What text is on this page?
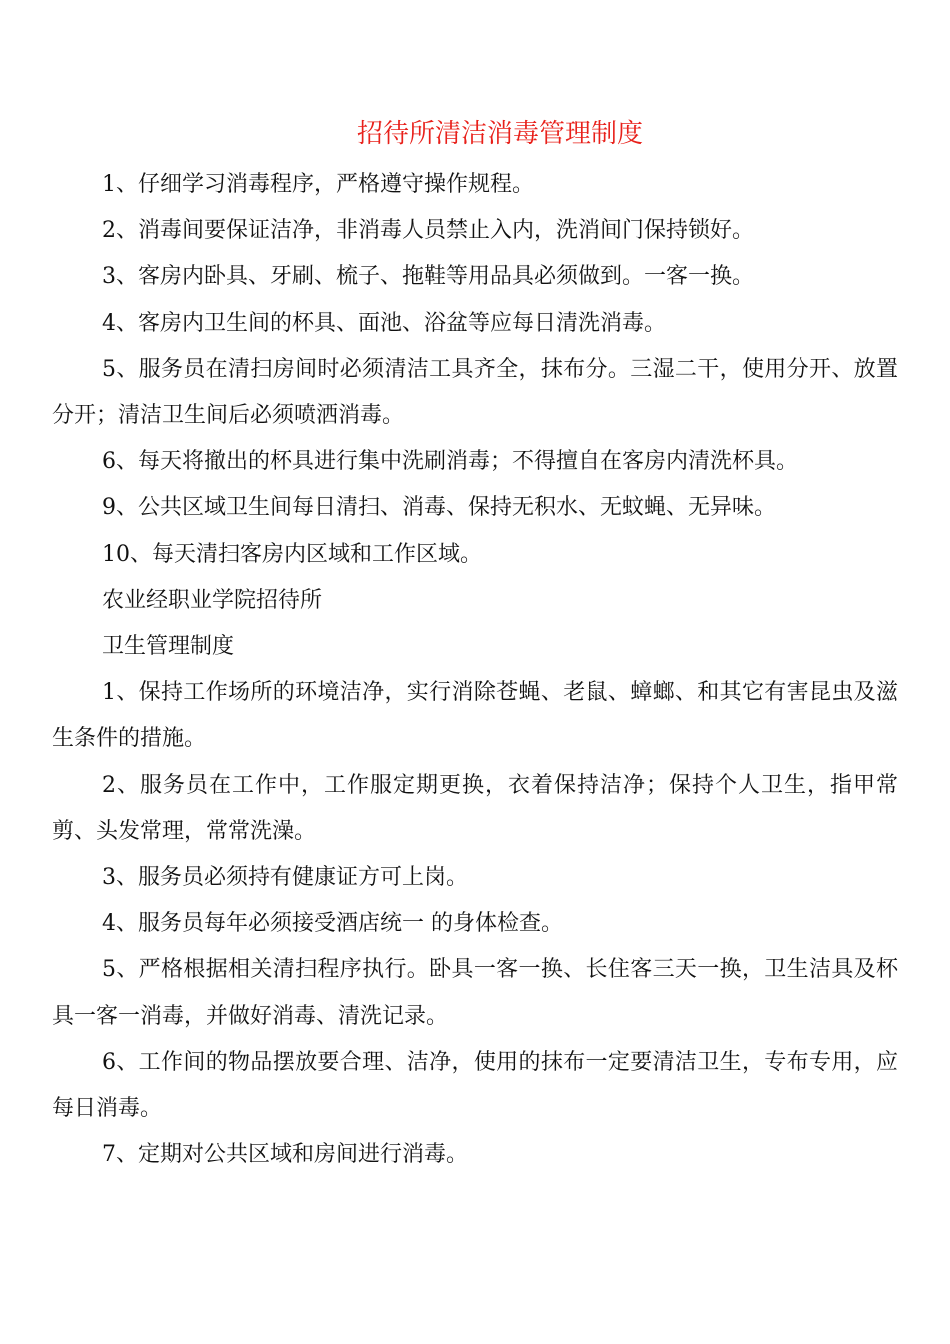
招待所清洁消毒管理制度

1、仔细学习消毒程序，严格遵守操作规程。

2、消毒间要保证洁净，非消毒人员禁止入内，洗消间门保持锁好。

3、客房内卧具、牙刷、梳子、拖鞋等用品具必须做到。一客一换。

4、客房内卫生间的杯具、面池、浴盆等应每日清洗消毒。

5、服务员在清扫房间时必须清洁工具齐全，抹布分。三湿二干，使用分开、放置分开；清洁卫生间后必须喷洒消毒。

6、每天将撤出的杯具进行集中洗刷消毒；不得擅自在客房内清洗杯具。

9、公共区域卫生间每日清扫、消毒、保持无积水、无蚊蝇、无异味。

10、每天清扫客房内区域和工作区域。

农业经职业学院招待所

卫生管理制度

1、保持工作场所的环境洁净，实行消除苍蝇、老鼠、蟑螂、和其它有害昆虫及滋生条件的措施。

2、服务员在工作中，工作服定期更换，衣着保持洁净；保持个人卫生，指甲常剪、头发常理，常常洗澡。

3、服务员必须持有健康证方可上岗。

4、服务员每年必须接受酒店统一 的身体检查。

5、严格根据相关清扫程序执行。卧具一客一换、长住客三天一换，卫生洁具及杯具一客一消毒，并做好消毒、清洗记录。

6、工作间的物品摆放要合理、洁净，使用的抹布一定要清洁卫生，专布专用，应每日消毒。

7、定期对公共区域和房间进行消毒。
